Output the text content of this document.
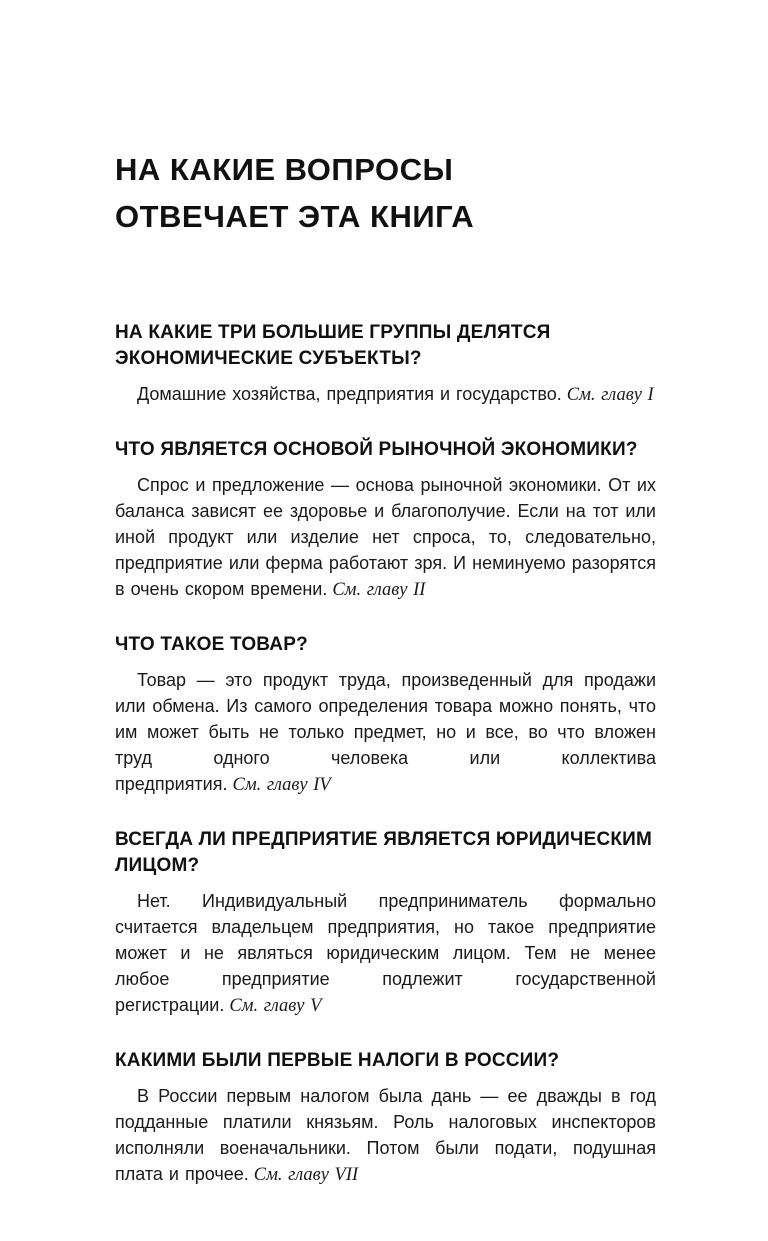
НА КАКИЕ ВОПРОСЫ
ОТВЕЧАЕТ ЭТА КНИГА
НА КАКИЕ ТРИ БОЛЬШИЕ ГРУППЫ ДЕЛЯТСЯ ЭКОНОМИЧЕСКИЕ СУБЪЕКТЫ?

Домашние хозяйства, предприятия и государство. См. главу I

ЧТО ЯВЛЯЕТСЯ ОСНОВОЙ РЫНОЧНОЙ ЭКОНОМИКИ?

Спрос и предложение — основа рыночной экономики. От их баланса зависят ее здоровье и благополучие. Если на тот или иной продукт или изделие нет спроса, то, следовательно, предприятие или ферма работают зря. И неминуемо разорятся в очень скором времени. См. главу II

ЧТО ТАКОЕ ТОВАР?

Товар — это продукт труда, произведенный для продажи или обмена. Из самого определения товара можно понять, что им может быть не только предмет, но и все, во что вложен труд одного человека или коллектива предприятия. См. главу IV

ВСЕГДА ЛИ ПРЕДПРИЯТИЕ ЯВЛЯЕТСЯ ЮРИДИЧЕСКИМ ЛИЦОМ?

Нет. Индивидуальный предприниматель формально считается владельцем предприятия, но такое предприятие может и не являться юридическим лицом. Тем не менее любое предприятие подлежит государственной регистрации. См. главу V

КАКИМИ БЫЛИ ПЕРВЫЕ НАЛОГИ В РОССИИ?

В России первым налогом была дань — ее дважды в год подданные платили князьям. Роль налоговых инспекторов исполняли военачальники. Потом были подати, подушная плата и прочее. См. главу VII
